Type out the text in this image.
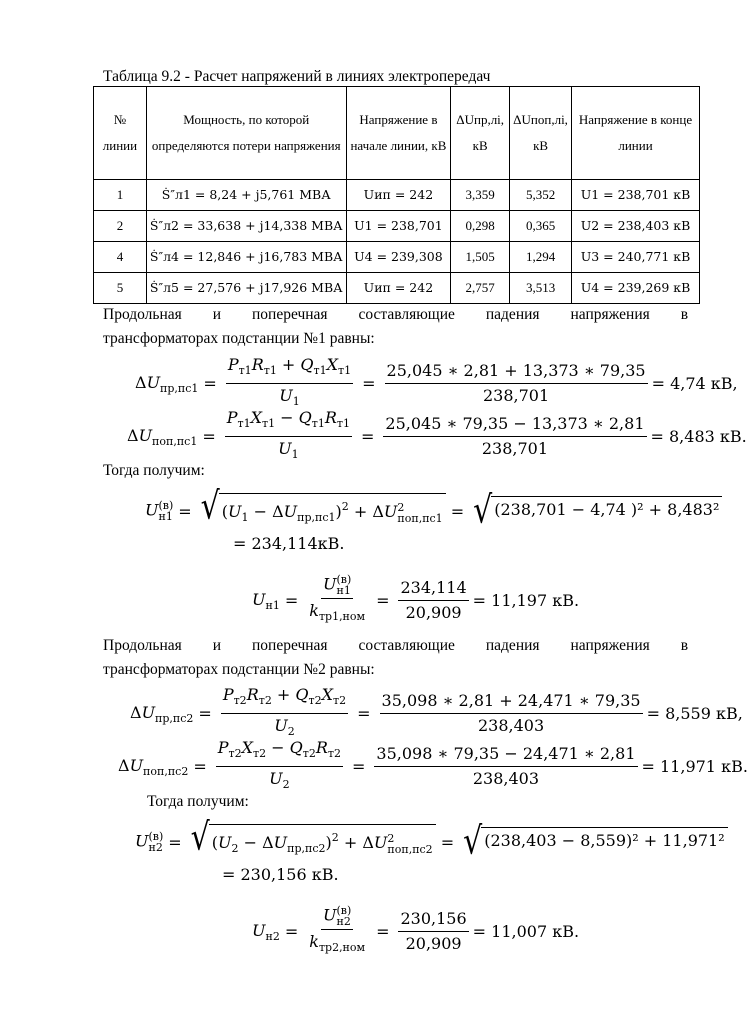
Таблица 9.2 - Расчет напряжений в линиях электропередач
№ линии	Мощность, по которой определяются потери напряжения	Напряжение в начале линии, кВ	ΔUпр,лi, кВ	ΔUпоп,лi, кВ	Напряжение в конце линии
1	Ṡ″л1 = 8,24 + j5,761 МВА	Uип = 242	3,359	5,352	U1 = 238,701 кВ
2	Ṡ″л2 = 33,638 + j14,338 МВА	U1 = 238,701	0,298	0,365	U2 = 238,403 кВ
4	Ṡ″л4 = 12,846 + j16,783 МВА	U4 = 239,308	1,505	1,294	U3 = 240,771 кВ
5	Ṡ″л5 = 27,576 + j17,926 МВА	Uип = 242	2,757	3,513	U4 = 239,269 кВ
Продольная и поперечная составляющие падения напряжения в
трансформаторах подстанции №1 равны:
$\Delta U_{пр,пс1} = \frac{P_{т1}R_{т1} + Q_{т1}X_{т1}}{U_1} = \frac{25,045 ∗ 2,81 + 13,373 ∗ 79,35}{238,701} = 4,74$ кВ,
$\Delta U_{поп,пс1} = \frac{P_{т1}X_{т1} - Q_{т1}R_{т1}}{U_1} = \frac{25,045 ∗ 79,35 - 13,373 ∗ 2,81}{238,701} = 8,483$ кВ.
Тогда получим:
U (в)
н1 = √ $(U_1 - \Delta U_{пр,пс1})^2 + \Delta U$ 2
поп,пс1 = √ (238,701 − 4,74 )² + 8,483²
= 234,114кВ.
$U_{н1} = U$ (в)
н1
$k_{тр1,ном} = \frac{234,114}{20,909} = 11,197$ кВ.
Продольная и поперечная составляющие падения напряжения в
трансформаторах подстанции №2 равны:
$\Delta U_{пр,пс2} = \frac{P_{т2}R_{т2} + Q_{т2}X_{т2}}{U_2} = \frac{35,098 ∗ 2,81 + 24,471 ∗ 79,35}{238,403} = 8,559$ кВ,
$\Delta U_{поп,пс2} = \frac{P_{т2}X_{т2} - Q_{т2}R_{т2}}{U_2} = \frac{35,098 ∗ 79,35 - 24,471 ∗ 2,81}{238,403} = 11,971$ кВ.
Тогда получим:
U (в)
н2 = √ $(U_2 - \Delta U_{пр,пс2})^2 + \Delta U$ 2
поп,пс2 = √ (238,403 − 8,559)² + 11,971²
= 230,156 кВ.
$U_{н2} = U$ (в)
н2
$k_{тр2,ном} = \frac{230,156}{20,909} = 11,007$ кВ.
